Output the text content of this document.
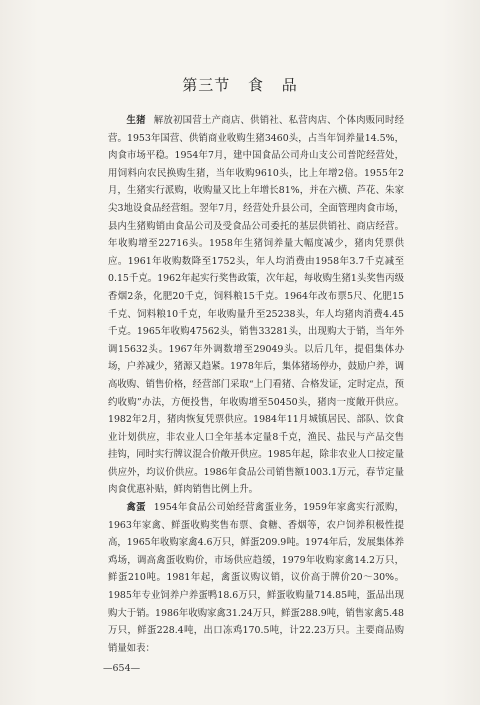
第三节 食 品

生猪 解放初国营土产商店、供销社、私营肉店、个体肉贩同时经营。1953年国营、供销商业收购生猪3460头，占当年饲养量14.5%，肉食市场平稳。1954年7月，建中国食品公司舟山支公司普陀经营处，用饲料向农民换购生猪，当年收购9610头，比上年增2倍。1955年2月，生猪实行派购，收购量又比上年增长81%，并在六横、芦花、朱家尖3地设食品经营组。翌年7月，经营处升县公司，全面管理肉食市场，县内生猪购销由食品公司及受食品公司委托的基层供销社、商店经营。年收购增至22716头。1958年生猪饲养量大幅度减少，猪肉凭票供应。1961年收购数降至1752头，年人均消费由1958年3.7千克减至0.15千克。1962年起实行奖售政策，次年起，每收购生猪1头奖售丙级香烟2条，化肥20千克，饲料粮15千克。1964年改布票5尺、化肥15千克、饲料粮10千克，年收购量升至25238头，年人均猪肉消费4.45千克。1965年收购47562头，销售33281头，出现购大于销，当年外调15632头。1967年外调数增至29049头。以后几年，提倡集体办场，户养减少，猪源又趋紧。1978年后，集体猪场停办，鼓励户养，调高收购、销售价格，经营部门采取“上门看猪、合格发证，定时定点，预约收购”办法，方便投售，年收购增至50450头，猪肉一度敞开供应。1982年2月，猪肉恢复凭票供应。1984年11月城镇居民、部队、饮食业计划供应，非农业人口全年基本定量8千克，渔民、盐民与产品交售挂钩，同时实行牌议混合价敞开供应。1985年起，除非农业人口按定量供应外，均议价供应。1986年食品公司销售额1003.1万元，春节定量肉食优惠补贴，鲜肉销售比例上升。

禽蛋 1954年食品公司始经营禽蛋业务，1959年家禽实行派购，1963年家禽、鲜蛋收购奖售布票、食糖、香烟等，农户饲养积极性提高，1965年收购家禽4.6万只，鲜蛋209.9吨。1974年后，发展集体养鸡场，调高禽蛋收购价，市场供应趋缓，1979年收购家禽14.2万只，鲜蛋210吨。1981年起，禽蛋议购议销，议价高于牌价20～30%。1985年专业饲养户养蛋鸭18.6万只，鲜蛋收购量714.85吨，蛋品出现购大于销。1986年收购家禽31.24万只，鲜蛋288.9吨，销售家禽5.48万只，鲜蛋228.4吨，出口冻鸡170.5吨，计22.23万只。主要商品购销量如表：

—654—
